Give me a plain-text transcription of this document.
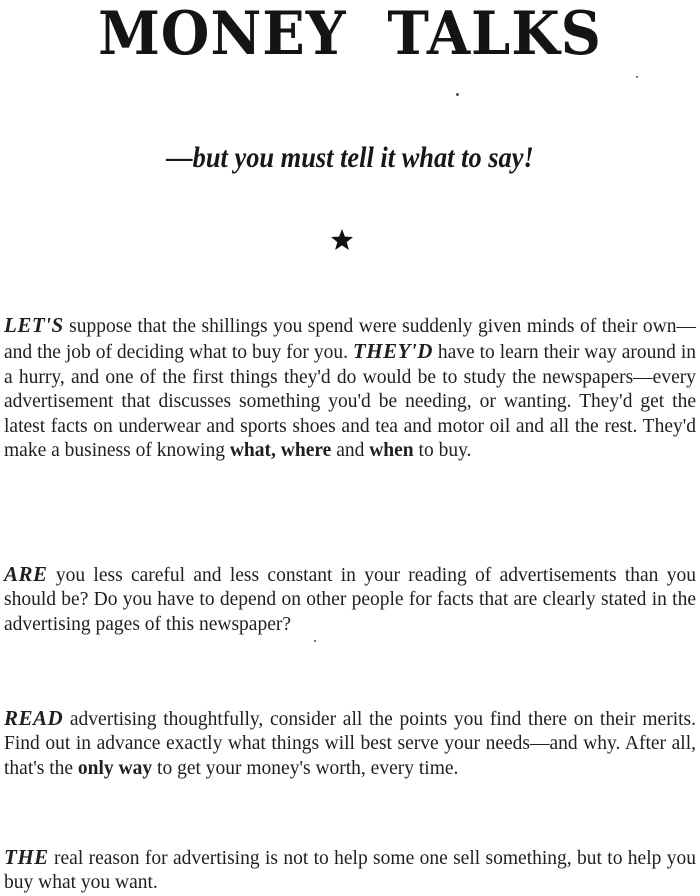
MONEY TALKS
—but you must tell it what to say!
LET'S suppose that the shillings you spend were suddenly given minds of their own—and the job of deciding what to buy for you. THEY'D have to learn their way around in a hurry, and one of the first things they'd do would be to study the newspapers—every advertisement that discusses something you'd be needing, or wanting. They'd get the latest facts on underwear and sports shoes and tea and motor oil and all the rest. They'd make a business of knowing what, where and when to buy.
ARE you less careful and less constant in your reading of advertisements than you should be? Do you have to depend on other people for facts that are clearly stated in the advertising pages of this newspaper?
READ advertising thoughtfully, consider all the points you find there on their merits. Find out in advance exactly what things will best serve your needs—and why. After all, that's the only way to get your money's worth, every time.
THE real reason for advertising is not to help some one sell something, but to help you buy what you want.
